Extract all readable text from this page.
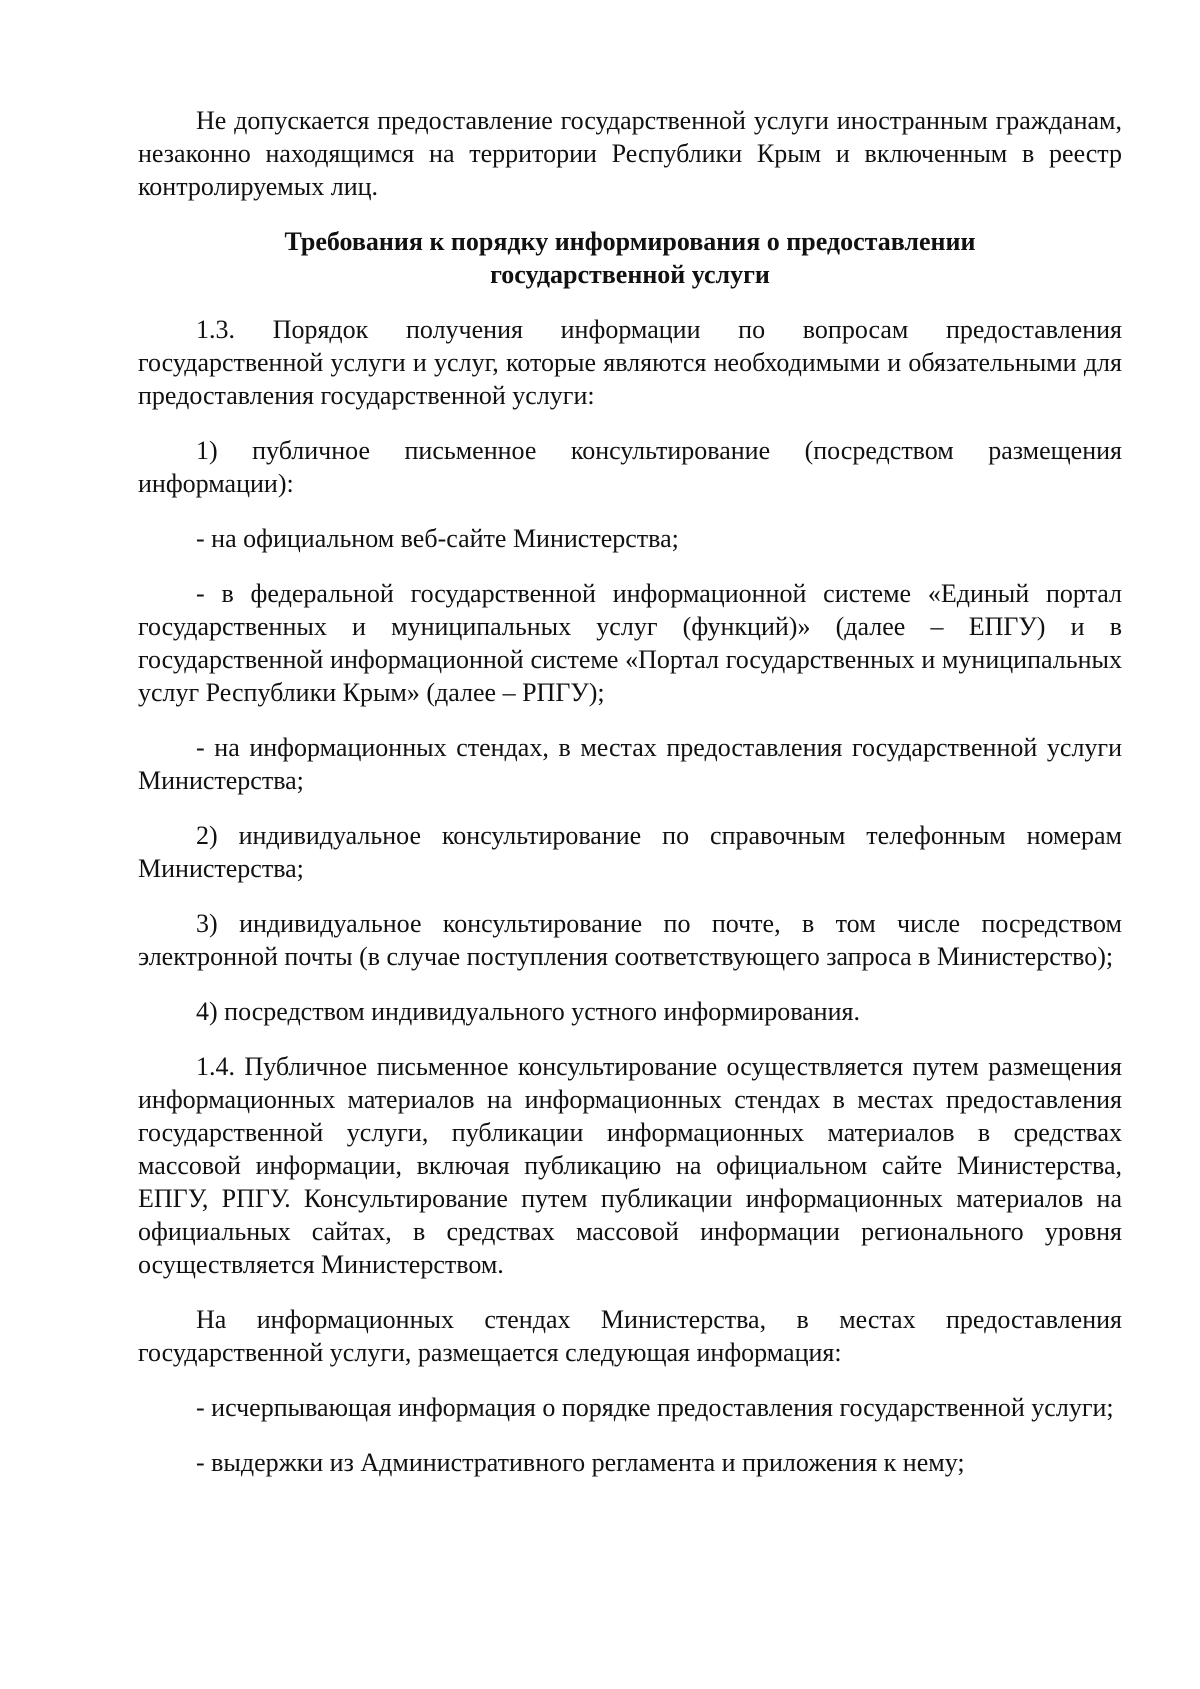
Не допускается предоставление государственной услуги иностранным гражданам, незаконно находящимся на территории Республики Крым и включенным в реестр контролируемых лиц.

Требования к порядку информирования о предоставлении
государственной услуги

1.3. Порядок получения информации по вопросам предоставления государственной услуги и услуг, которые являются необходимыми и обязательными для предоставления государственной услуги:

1) публичное письменное консультирование (посредством размещения информации):

- на официальном веб-сайте Министерства;

- в федеральной государственной информационной системе «Единый портал государственных и муниципальных услуг (функций)» (далее – ЕПГУ) и в государственной информационной системе «Портал государственных и муниципальных услуг Республики Крым» (далее – РПГУ);

- на информационных стендах, в местах предоставления государственной услуги Министерства;

2) индивидуальное консультирование по справочным телефонным номерам Министерства;

3) индивидуальное консультирование по почте, в том числе посредством электронной почты (в случае поступления соответствующего запроса в Министерство);

4) посредством индивидуального устного информирования.

1.4. Публичное письменное консультирование осуществляется путем размещения информационных материалов на информационных стендах в местах предоставления государственной услуги, публикации информационных материалов в средствах массовой информации, включая публикацию на официальном сайте Министерства, ЕПГУ, РПГУ. Консультирование путем публикации информационных материалов на официальных сайтах, в средствах массовой информации регионального уровня осуществляется Министерством.

На информационных стендах Министерства, в местах предоставления государственной услуги, размещается следующая информация:

- исчерпывающая информация о порядке предоставления государственной услуги;

- выдержки из Административного регламента и приложения к нему;
